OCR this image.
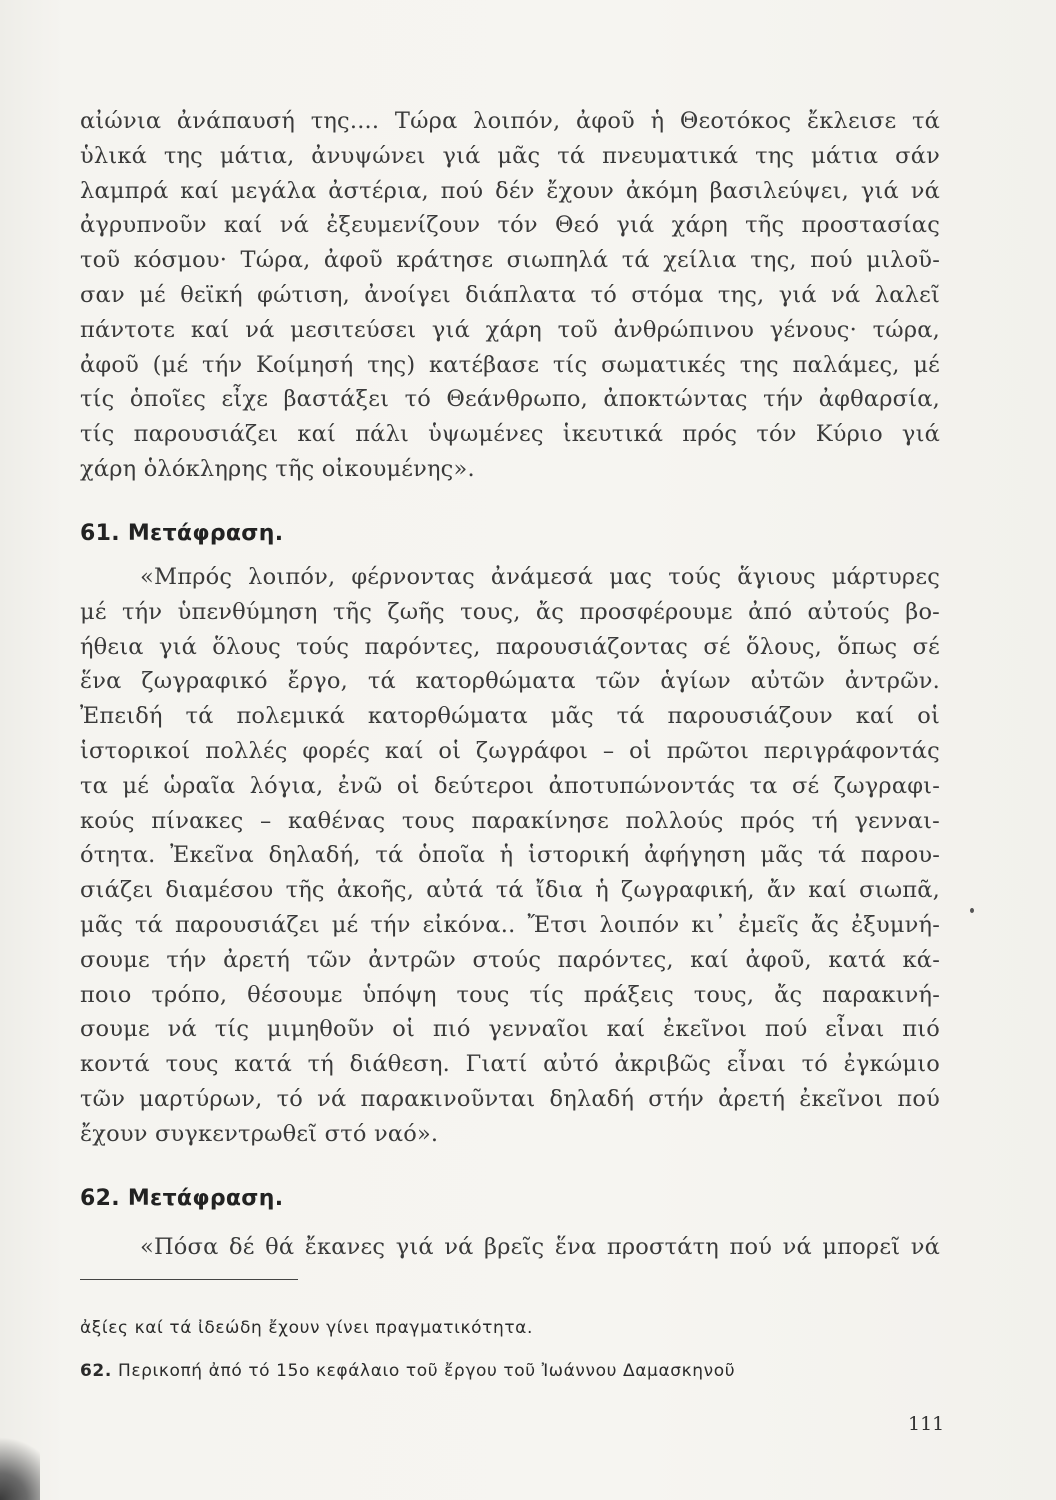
αἰώνια ἀνάπαυσή της.... Τώρα λοιπόν, ἀφοῦ ἡ Θεοτόκος ἔκλεισε τά
ὑλικά της μάτια, ἀνυψώνει γιά μᾶς τά πνευματικά της μάτια σάν
λαμπρά καί μεγάλα ἀστέρια, πού δέν ἔχουν ἀκόμη βασιλεύψει, γιά νά
ἀγρυπνοῦν καί νά ἐξευμενίζουν τόν Θεό γιά χάρη τῆς προστασίας
τοῦ κόσμου· Τώρα, ἀφοῦ κράτησε σιωπηλά τά χείλια της, πού μιλοῦ-
σαν μέ θεϊκή φώτιση, ἀνοίγει διάπλατα τό στόμα της, γιά νά λαλεῖ
πάντοτε καί νά μεσιτεύσει γιά χάρη τοῦ ἀνθρώπινου γένους· τώρα,
ἀφοῦ (μέ τήν Κοίμησή της) κατέβασε τίς σωματικές της παλάμες, μέ
τίς ὁποῖες εἶχε βαστάξει τό Θεάνθρωπο, ἀποκτώντας τήν ἀφθαρσία,
τίς παρουσιάζει καί πάλι ὑψωμένες ἱκευτικά πρός τόν Κύριο γιά
χάρη ὁλόκληρης τῆς οἰκουμένης».
61. Μετάφραση.
«Μπρός λοιπόν, φέρνοντας ἀνάμεσά μας τούς ἅγιους μάρτυρες
μέ τήν ὑπενθύμηση τῆς ζωῆς τους, ἄς προσφέρουμε ἀπό αὐτούς βο-
ήθεια γιά ὅλους τούς παρόντες, παρουσιάζοντας σέ ὅλους, ὅπως σέ
ἕνα ζωγραφικό ἔργο, τά κατορθώματα τῶν ἁγίων αὐτῶν ἀντρῶν.
Ἐπειδή τά πολεμικά κατορθώματα μᾶς τά παρουσιάζουν καί οἱ
ἱστορικοί πολλές φορές καί οἱ ζωγράφοι – οἱ πρῶτοι περιγράφοντάς
τα μέ ὡραῖα λόγια, ἐνῶ οἱ δεύτεροι ἀποτυπώνοντάς τα σέ ζωγραφι-
κούς πίνακες – καθένας τους παρακίνησε πολλούς πρός τή γενναι-
ότητα. Ἐκεῖνα δηλαδή, τά ὁποῖα ἡ ἱστορική ἀφήγηση μᾶς τά παρου-
σιάζει διαμέσου τῆς ἀκοῆς, αὐτά τά ἴδια ἡ ζωγραφική, ἄν καί σιωπᾶ,
μᾶς τά παρουσιάζει μέ τήν εἰκόνα.. Ἔτσι λοιπόν κι᾽ ἐμεῖς ἄς ἐξυμνή-
σουμε τήν ἀρετή τῶν ἀντρῶν στούς παρόντες, καί ἀφοῦ, κατά κά-
ποιο τρόπο, θέσουμε ὑπόψη τους τίς πράξεις τους, ἄς παρακινή-
σουμε νά τίς μιμηθοῦν οἱ πιό γενναῖοι καί ἐκεῖνοι πού εἶναι πιό
κοντά τους κατά τή διάθεση. Γιατί αὐτό ἀκριβῶς εἶναι τό ἐγκώμιο
τῶν μαρτύρων, τό νά παρακινοῦνται δηλαδή στήν ἀρετή ἐκεῖνοι πού
ἔχουν συγκεντρωθεῖ στό ναό».
62. Μετάφραση.
«Πόσα δέ θά ἔκανες γιά νά βρεῖς ἕνα προστάτη πού νά μπορεῖ νά
ἀξίες καί τά ἰδεώδη ἔχουν γίνει πραγματικότητα.
62. Περικοπή ἀπό τό 15ο κεφάλαιο τοῦ ἔργου τοῦ Ἰωάννου Δαμασκηνοῦ
111
